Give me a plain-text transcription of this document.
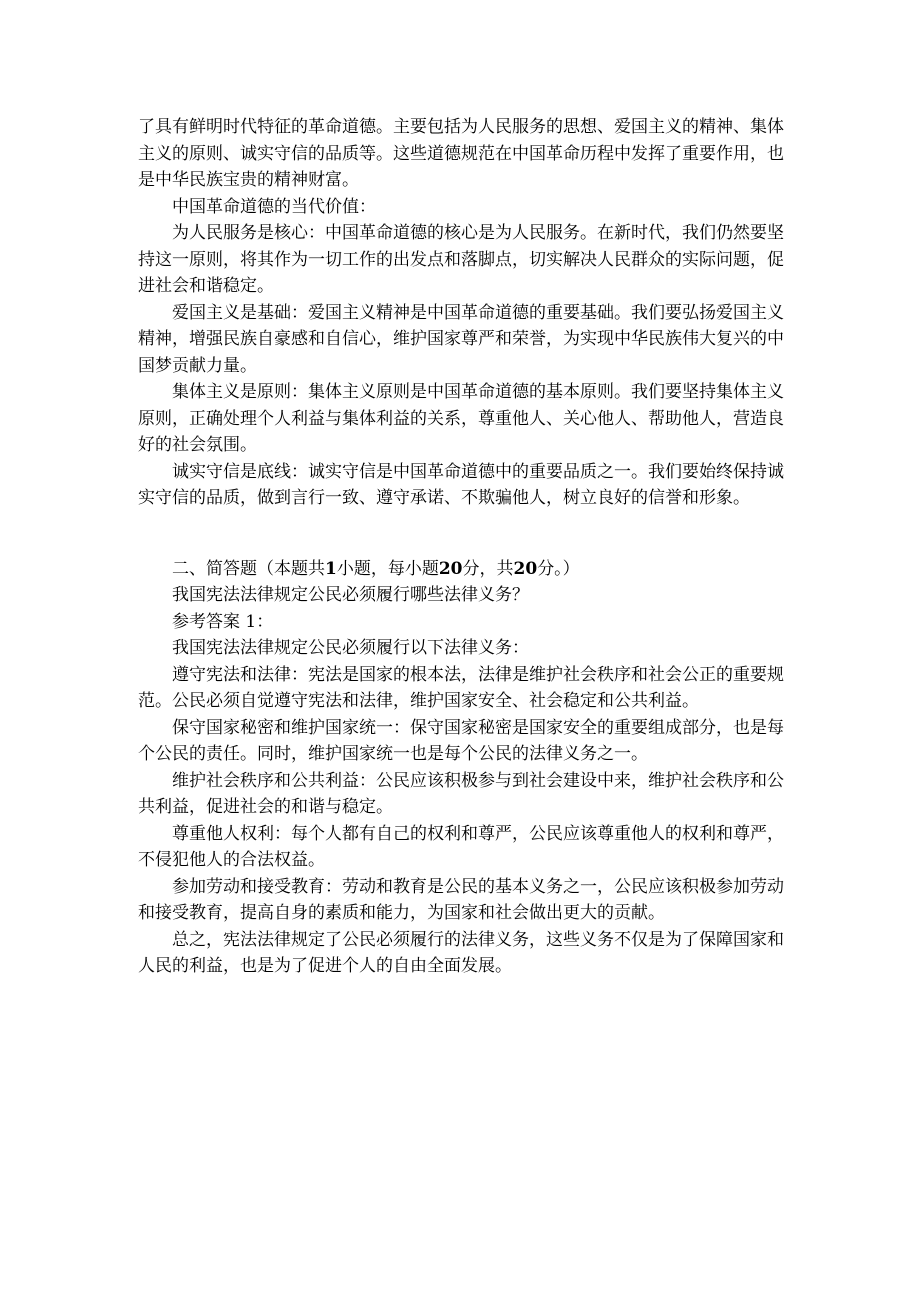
了具有鲜明时代特征的革命道德。主要包括为人民服务的思想、爱国主义的精神、集体主义的原则、诚实守信的品质等。这些道德规范在中国革命历程中发挥了重要作用，也是中华民族宝贵的精神财富。

中国革命道德的当代价值：

为人民服务是核心：中国革命道德的核心是为人民服务。在新时代，我们仍然要坚持这一原则，将其作为一切工作的出发点和落脚点，切实解决人民群众的实际问题，促进社会和谐稳定。

爱国主义是基础：爱国主义精神是中国革命道德的重要基础。我们要弘扬爱国主义精神，增强民族自豪感和自信心，维护国家尊严和荣誉，为实现中华民族伟大复兴的中国梦贡献力量。

集体主义是原则：集体主义原则是中国革命道德的基本原则。我们要坚持集体主义原则，正确处理个人利益与集体利益的关系，尊重他人、关心他人、帮助他人，营造良好的社会氛围。

诚实守信是底线：诚实守信是中国革命道德中的重要品质之一。我们要始终保持诚实守信的品质，做到言行一致、遵守承诺、不欺骗他人，树立良好的信誉和形象。

二、简答题（本题共1小题，每小题20分，共20分。）

我国宪法法律规定公民必须履行哪些法律义务？

参考答案 1：

我国宪法法律规定公民必须履行以下法律义务：

遵守宪法和法律：宪法是国家的根本法，法律是维护社会秩序和社会公正的重要规范。公民必须自觉遵守宪法和法律，维护国家安全、社会稳定和公共利益。

保守国家秘密和维护国家统一：保守国家秘密是国家安全的重要组成部分，也是每个公民的责任。同时，维护国家统一也是每个公民的法律义务之一。

维护社会秩序和公共利益：公民应该积极参与到社会建设中来，维护社会秩序和公共利益，促进社会的和谐与稳定。

尊重他人权利：每个人都有自己的权利和尊严，公民应该尊重他人的权利和尊严，不侵犯他人的合法权益。

参加劳动和接受教育：劳动和教育是公民的基本义务之一，公民应该积极参加劳动和接受教育，提高自身的素质和能力，为国家和社会做出更大的贡献。

总之，宪法法律规定了公民必须履行的法律义务，这些义务不仅是为了保障国家和人民的利益，也是为了促进个人的自由全面发展。
